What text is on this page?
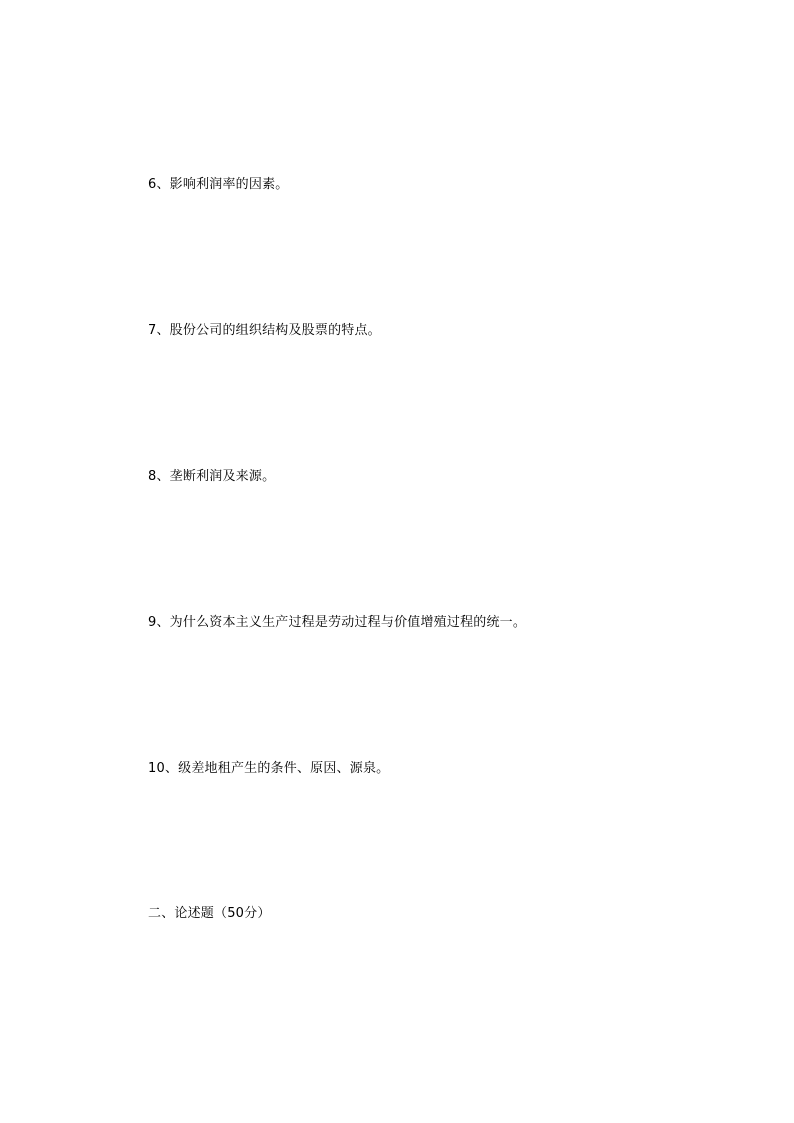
6、影响利润率的因素。
7、股份公司的组织结构及股票的特点。
8、垄断利润及来源。
9、为什么资本主义生产过程是劳动过程与价值增殖过程的统一。
10、级差地租产生的条件、原因、源泉。
二、论述题（50分）
